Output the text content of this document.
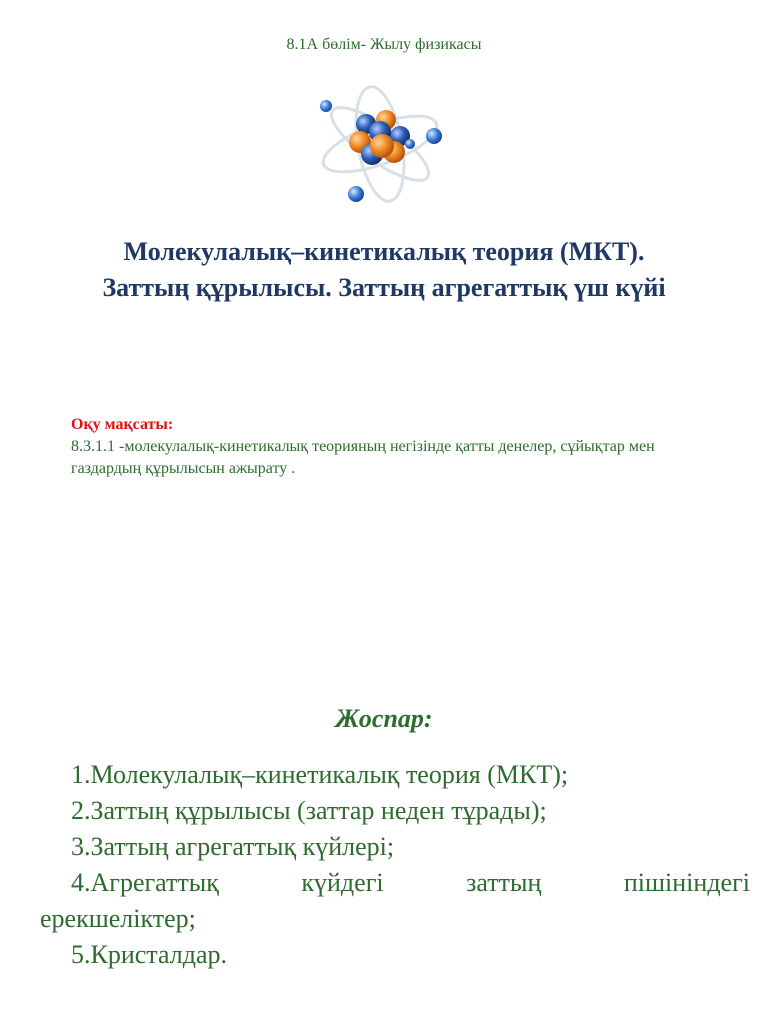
8.1А бөлім- Жылу физикасы
Молекулалық–кинетикалық теория (МКТ).
Заттың құрылысы. Заттың агрегаттық үш күйі
Оқу мақсаты:
8.3.1.1 -молекулалық-кинетикалық теорияның негізінде қатты денелер, сұйықтар мен газдардың құрылысын ажырату .
Жоспар:

1.Молекулалық–кинетикалық теория (МКТ);

2.Заттың құрылысы (заттар неден тұрады);

3.Заттың агрегаттық күйлері;

4.Агрегаттық	күйдегі	заттың	пішініндегі
ерекшеліктер;

5.Кристалдар.
